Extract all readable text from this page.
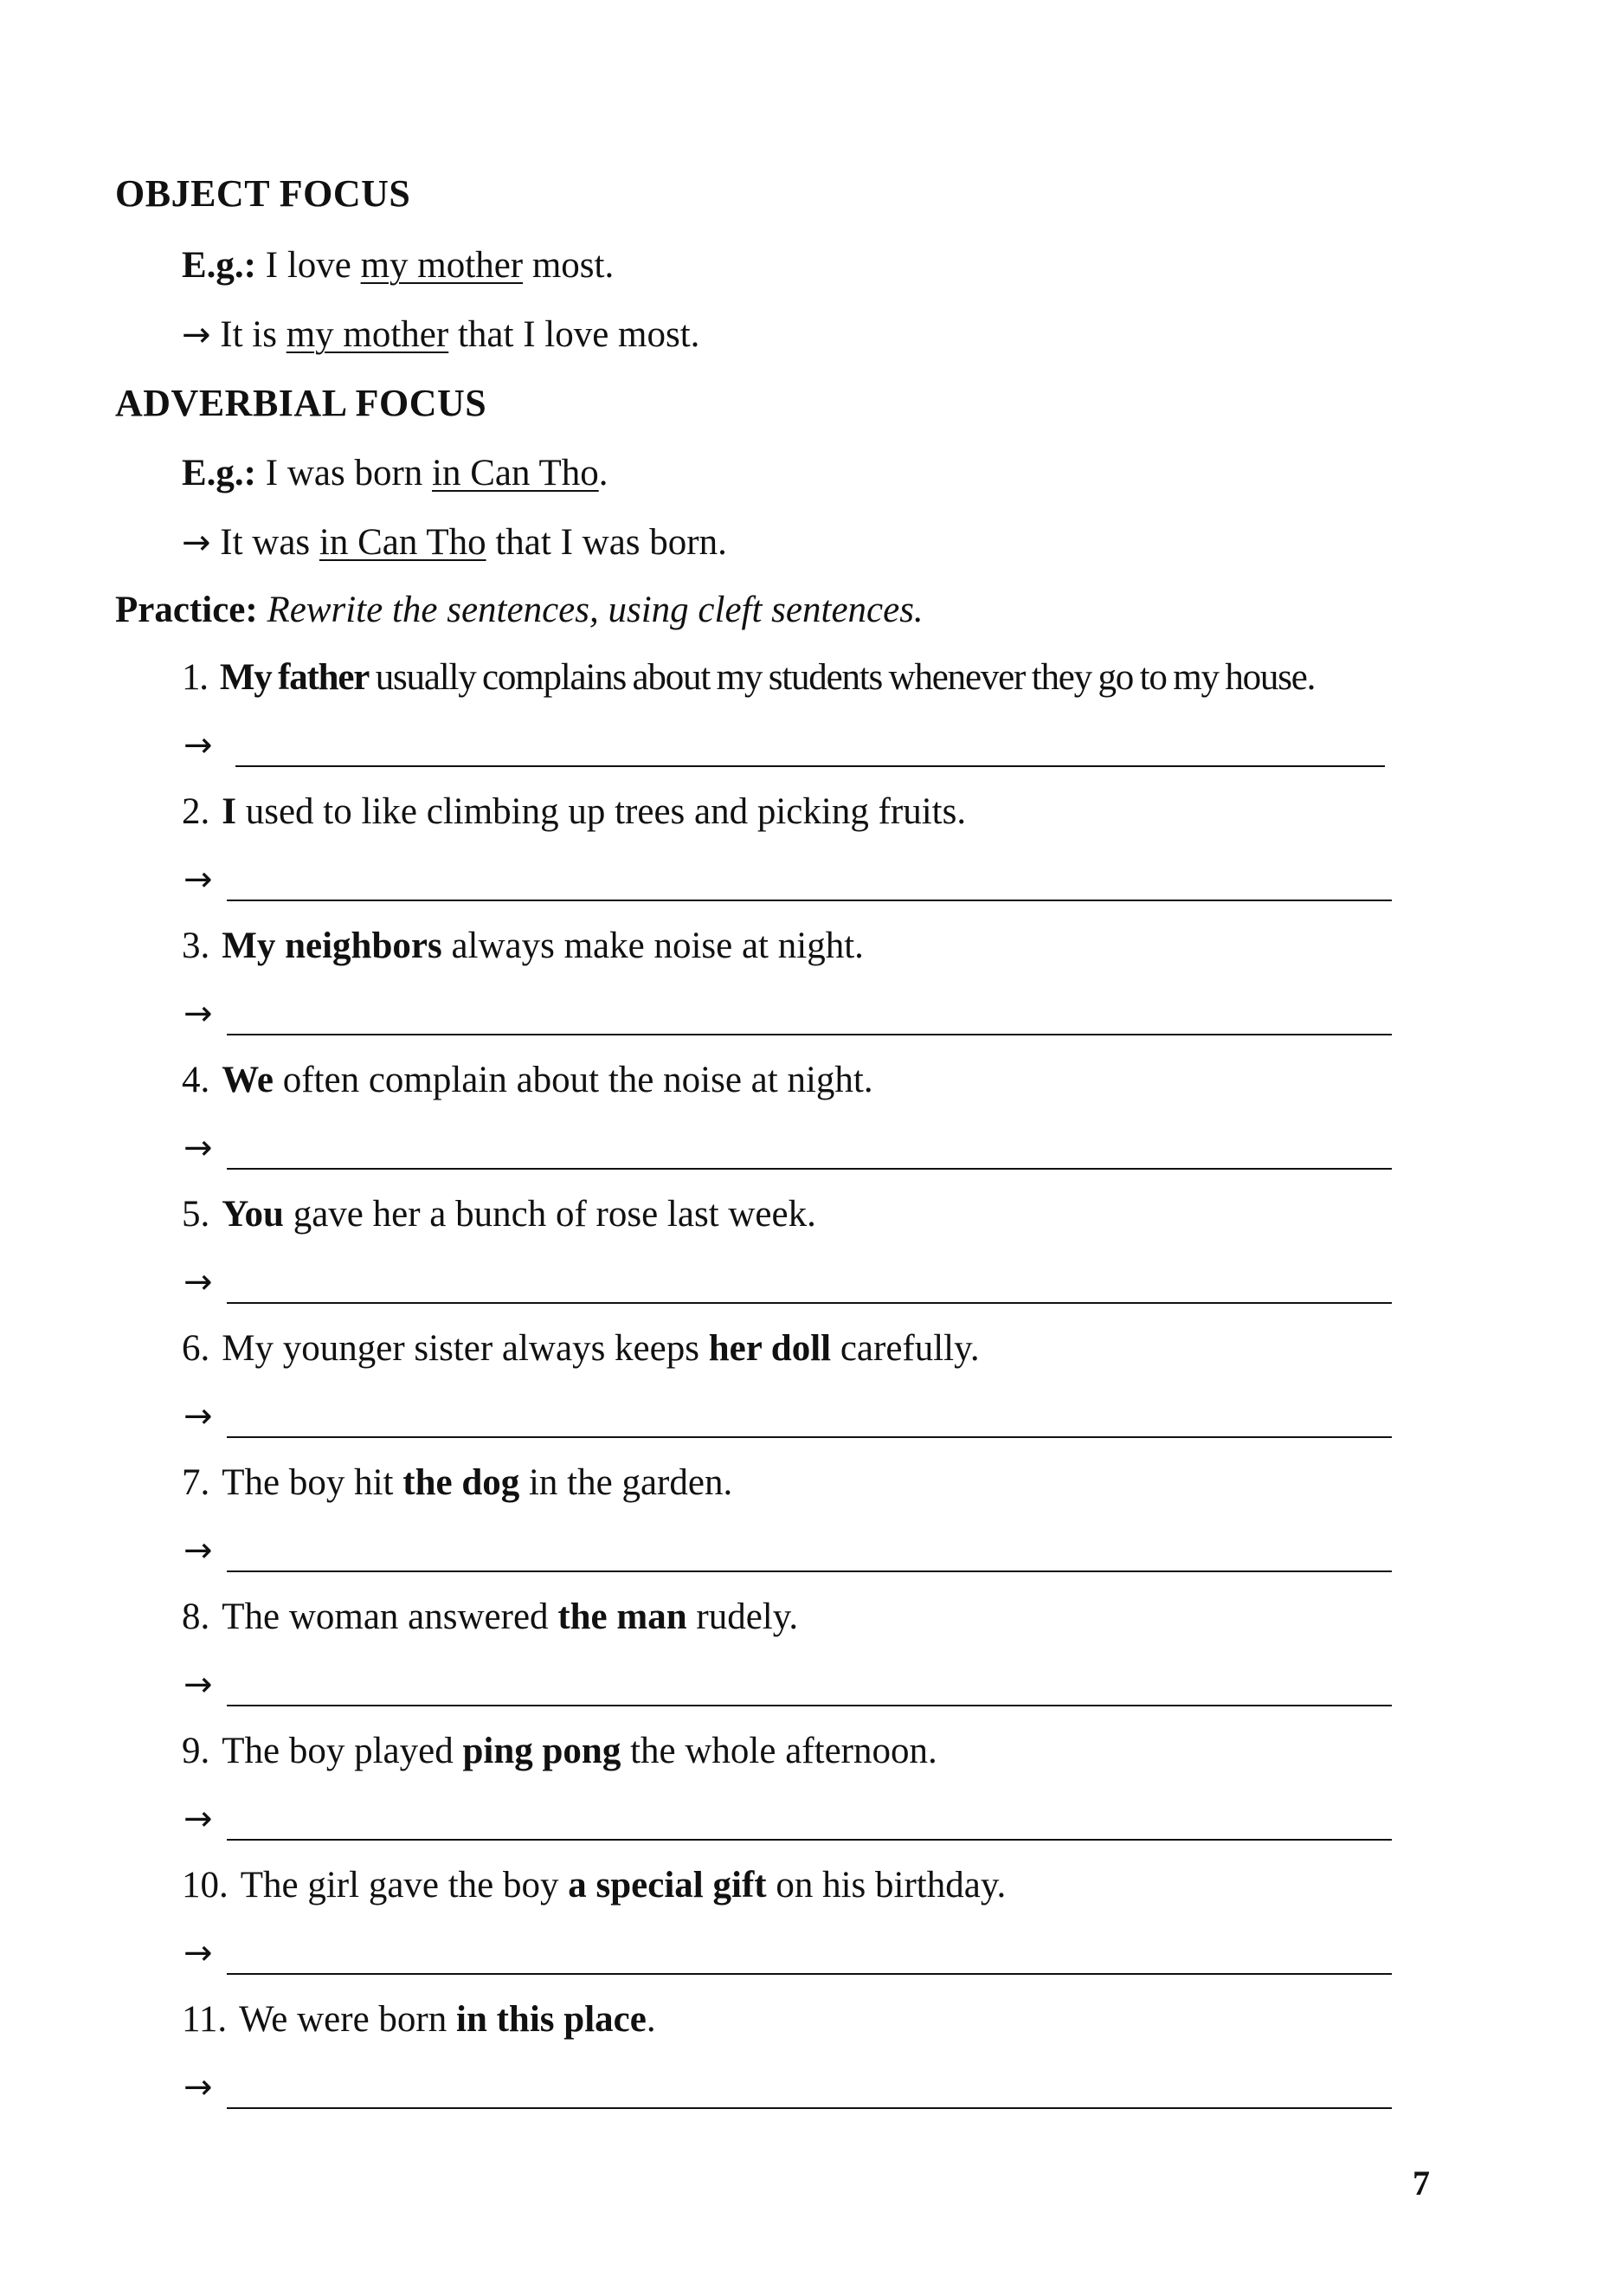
OBJECT FOCUS
E.g.: I love my mother most.
→ It is my mother that I love most.
ADVERBIAL FOCUS
E.g.: I was born in Can Tho.
→ It was in Can Tho that I was born.
Practice: Rewrite the sentences, using cleft sentences.
1. My father usually complains about my students whenever they go to my house.
→
2. I used to like climbing up trees and picking fruits.
→
3. My neighbors always make noise at night.
→
4. We often complain about the noise at night.
→
5. You gave her a bunch of rose last week.
→
6. My younger sister always keeps her doll carefully.
→
7. The boy hit the dog in the garden.
→
8. The woman answered the man rudely.
→
9. The boy played ping pong the whole afternoon.
→
10. The girl gave the boy a special gift on his birthday.
→
11. We were born in this place.
→
7
